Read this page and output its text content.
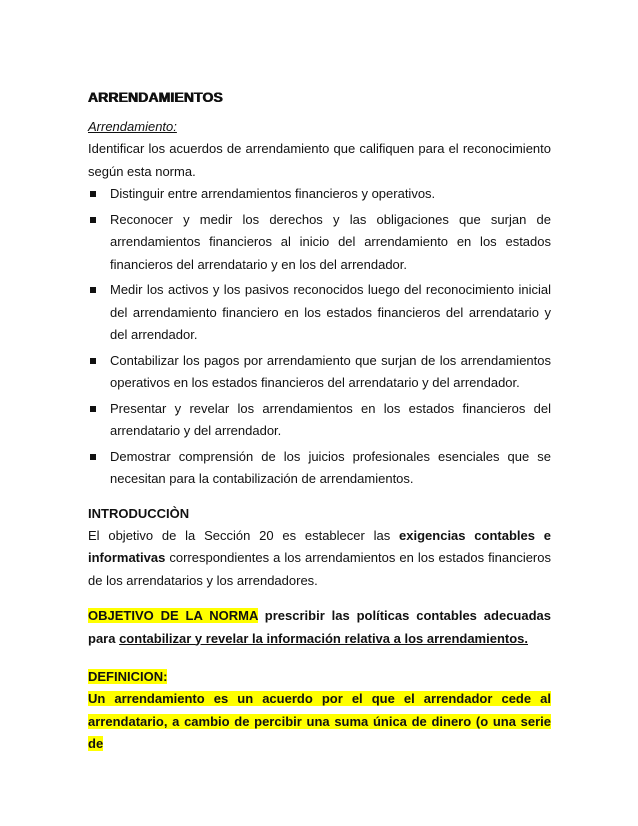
ARRENDAMIENTOS
Arrendamiento:

Identificar los acuerdos de arrendamiento que califiquen para el reconocimiento según esta norma.

Distinguir entre arrendamientos financieros y operativos.
Reconocer y medir los derechos y las obligaciones que surjan de arrendamientos financieros al inicio del arrendamiento en los estados financieros del arrendatario y en los del arrendador.
Medir los activos y los pasivos reconocidos luego del reconocimiento inicial del arrendamiento financiero en los estados financieros del arrendatario y del arrendador.
Contabilizar los pagos por arrendamiento que surjan de los arrendamientos operativos en los estados financieros del arrendatario y del arrendador.
Presentar y revelar los arrendamientos en los estados financieros del arrendatario y del arrendador.
Demostrar comprensión de los juicios profesionales esenciales que se necesitan para la contabilización de arrendamientos.
INTRODUCCIÒN
El objetivo de la Sección 20 es establecer las exigencias contables e informativas correspondientes a los arrendamientos en los estados financieros de los arrendatarios y los arrendadores.
OBJETIVO DE LA NORMA prescribir las políticas contables adecuadas para contabilizar y revelar la información relativa a los arrendamientos.
DEFINICION:
Un arrendamiento es un acuerdo por el que el arrendador cede al arrendatario, a cambio de percibir una suma única de dinero (o una serie de
